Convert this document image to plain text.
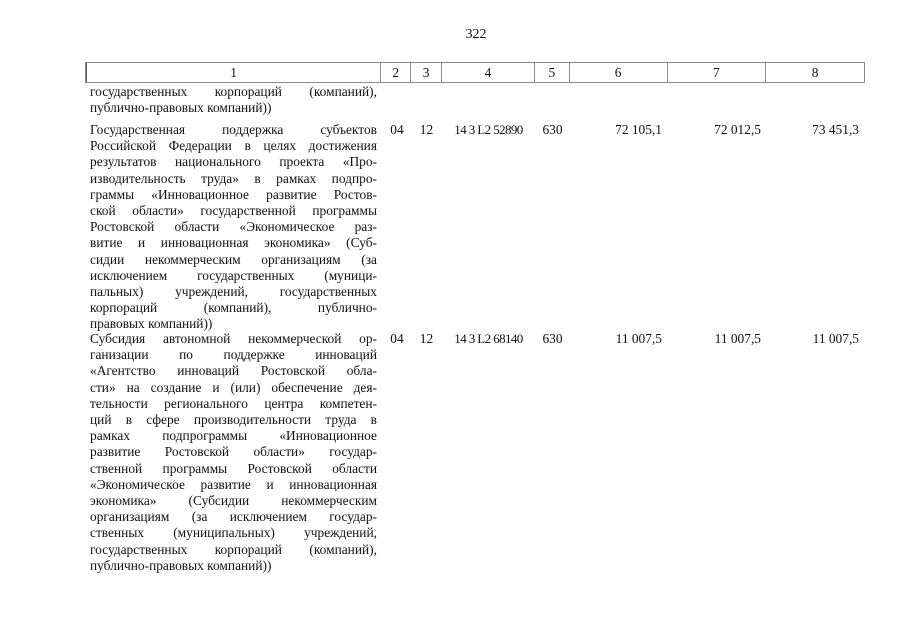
322
1	2	3	4	5	6	7	8
государственных корпораций (компаний),
публично-правовых компаний))
Государственная поддержка субъектов
Российской Федерации в целях достижения
результатов национального проекта «Про-
изводительность труда» в рамках подпро-
граммы «Инновационное развитие Ростов-
ской области» государственной программы
Ростовской области «Экономическое раз-
витие и инновационная экономика» (Суб-
сидии некоммерческим организациям (за
исключением государственных (муници-
пальных) учреждений, государственных
корпораций (компаний), публично-
правовых компаний))
04	12	14 3 L2 52890	630	72 105,1	72 012,5	73 451,3
Субсидия автономной некоммерческой ор-
ганизации по поддержке инноваций
«Агентство инноваций Ростовской обла-
сти» на создание и (или) обеспечение дея-
тельности регионального центра компетен-
ций в сфере производительности труда в
рамках подпрограммы «Инновационное
развитие Ростовской области» государ-
ственной программы Ростовской области
«Экономическое развитие и инновационная
экономика» (Субсидии некоммерческим
организациям (за исключением государ-
ственных (муниципальных) учреждений,
государственных корпораций (компаний),
публично-правовых компаний))
04	12	14 3 L2 68140	630	11 007,5	11 007,5	11 007,5
